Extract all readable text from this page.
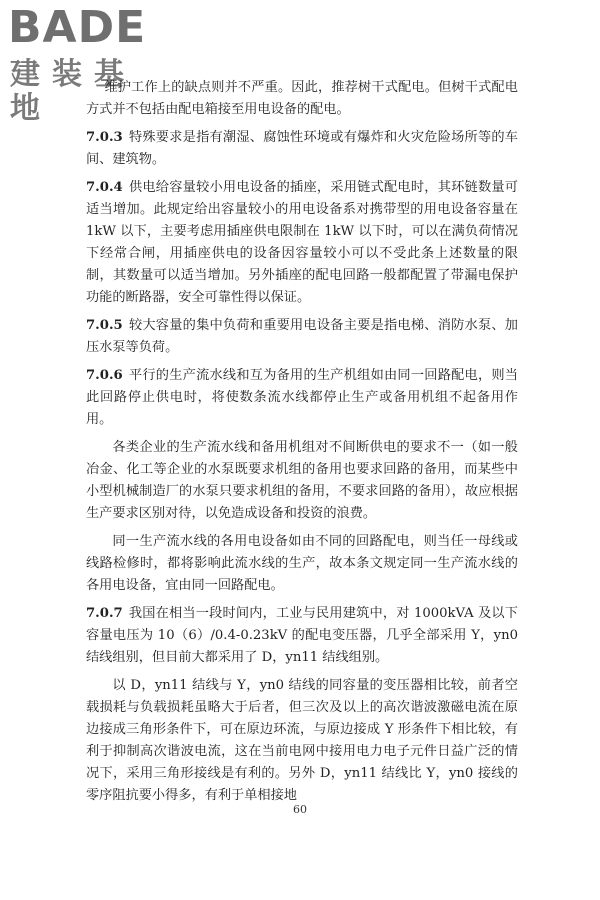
BADE
建装基地

维护工作上的缺点则并不严重。因此，推荐树干式配电。但树干式配电方式并不包括由配电箱接至用电设备的配电。

7.0.3 特殊要求是指有潮湿、腐蚀性环境或有爆炸和火灾危险场所等的车间、建筑物。

7.0.4 供电给容量较小用电设备的插座，采用链式配电时，其环链数量可适当增加。此规定给出容量较小的用电设备系对携带型的用电设备容量在 1kW 以下，主要考虑用插座供电限制在 1kW 以下时，可以在满负荷情况下经常合闸，用插座供电的设备因容量较小可以不受此条上述数量的限制，其数量可以适当增加。另外插座的配电回路一般都配置了带漏电保护功能的断路器，安全可靠性得以保证。

7.0.5 较大容量的集中负荷和重要用电设备主要是指电梯、消防水泵、加压水泵等负荷。

7.0.6 平行的生产流水线和互为备用的生产机组如由同一回路配电，则当此回路停止供电时，将使数条流水线都停止生产或备用机组不起备用作用。

各类企业的生产流水线和备用机组对不间断供电的要求不一（如一般冶金、化工等企业的水泵既要求机组的备用也要求回路的备用，而某些中小型机械制造厂的水泵只要求机组的备用，不要求回路的备用），故应根据生产要求区别对待，以免造成设备和投资的浪费。

同一生产流水线的各用电设备如由不同的回路配电，则当任一母线或线路检修时，都将影响此流水线的生产，故本条文规定同一生产流水线的各用电设备，宜由同一回路配电。

7.0.7 我国在相当一段时间内，工业与民用建筑中，对 1000kVA 及以下容量电压为 10（6）/0.4-0.23kV 的配电变压器，几乎全部采用 Y，yn0 结线组别，但目前大都采用了 D，yn11 结线组别。

以 D，yn11 结线与 Y，yn0 结线的同容量的变压器相比较，前者空载损耗与负载损耗虽略大于后者，但三次及以上的高次谐波激磁电流在原边接成三角形条件下，可在原边环流，与原边接成 Y 形条件下相比较，有利于抑制高次谐波电流，这在当前电网中接用电力电子元件日益广泛的情况下，采用三角形接线是有利的。另外 D，yn11 结线比 Y，yn0 接线的零序阻抗要小得多，有利于单相接地

60
